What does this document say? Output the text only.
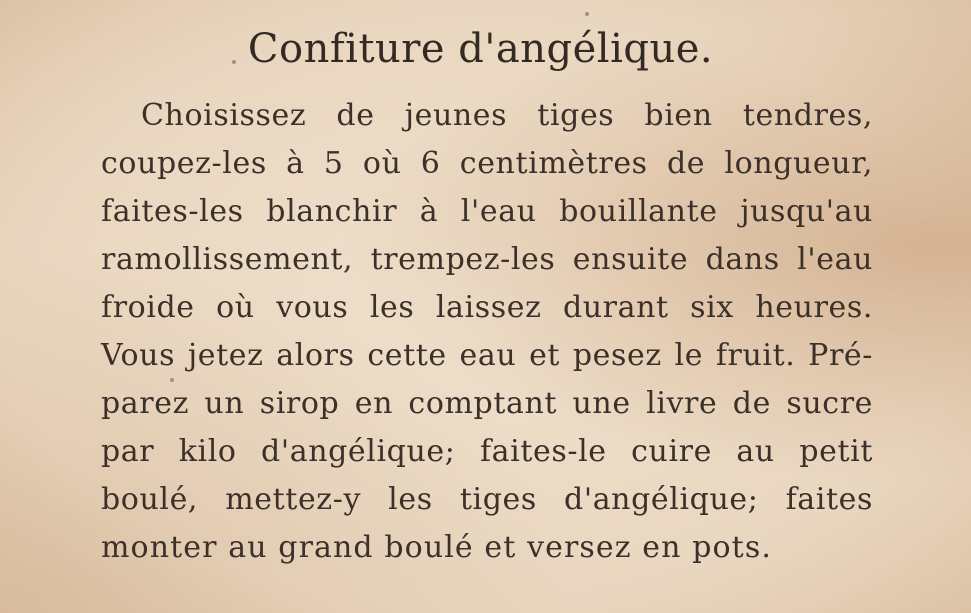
Confiture d'angélique.
Choisissez de jeunes tiges bien tendres,
coupez-les à 5 où 6 centimètres de longueur,
faites-les blanchir à l'eau bouillante jusqu'au
ramollissement, trempez-les ensuite dans l'eau
froide où vous les laissez durant six heures.
Vous jetez alors cette eau et pesez le fruit. Pré-
parez un sirop en comptant une livre de sucre
par kilo d'angélique; faites-le cuire au petit
boulé, mettez-y les tiges d'angélique; faites
monter au grand boulé et versez en pots.
